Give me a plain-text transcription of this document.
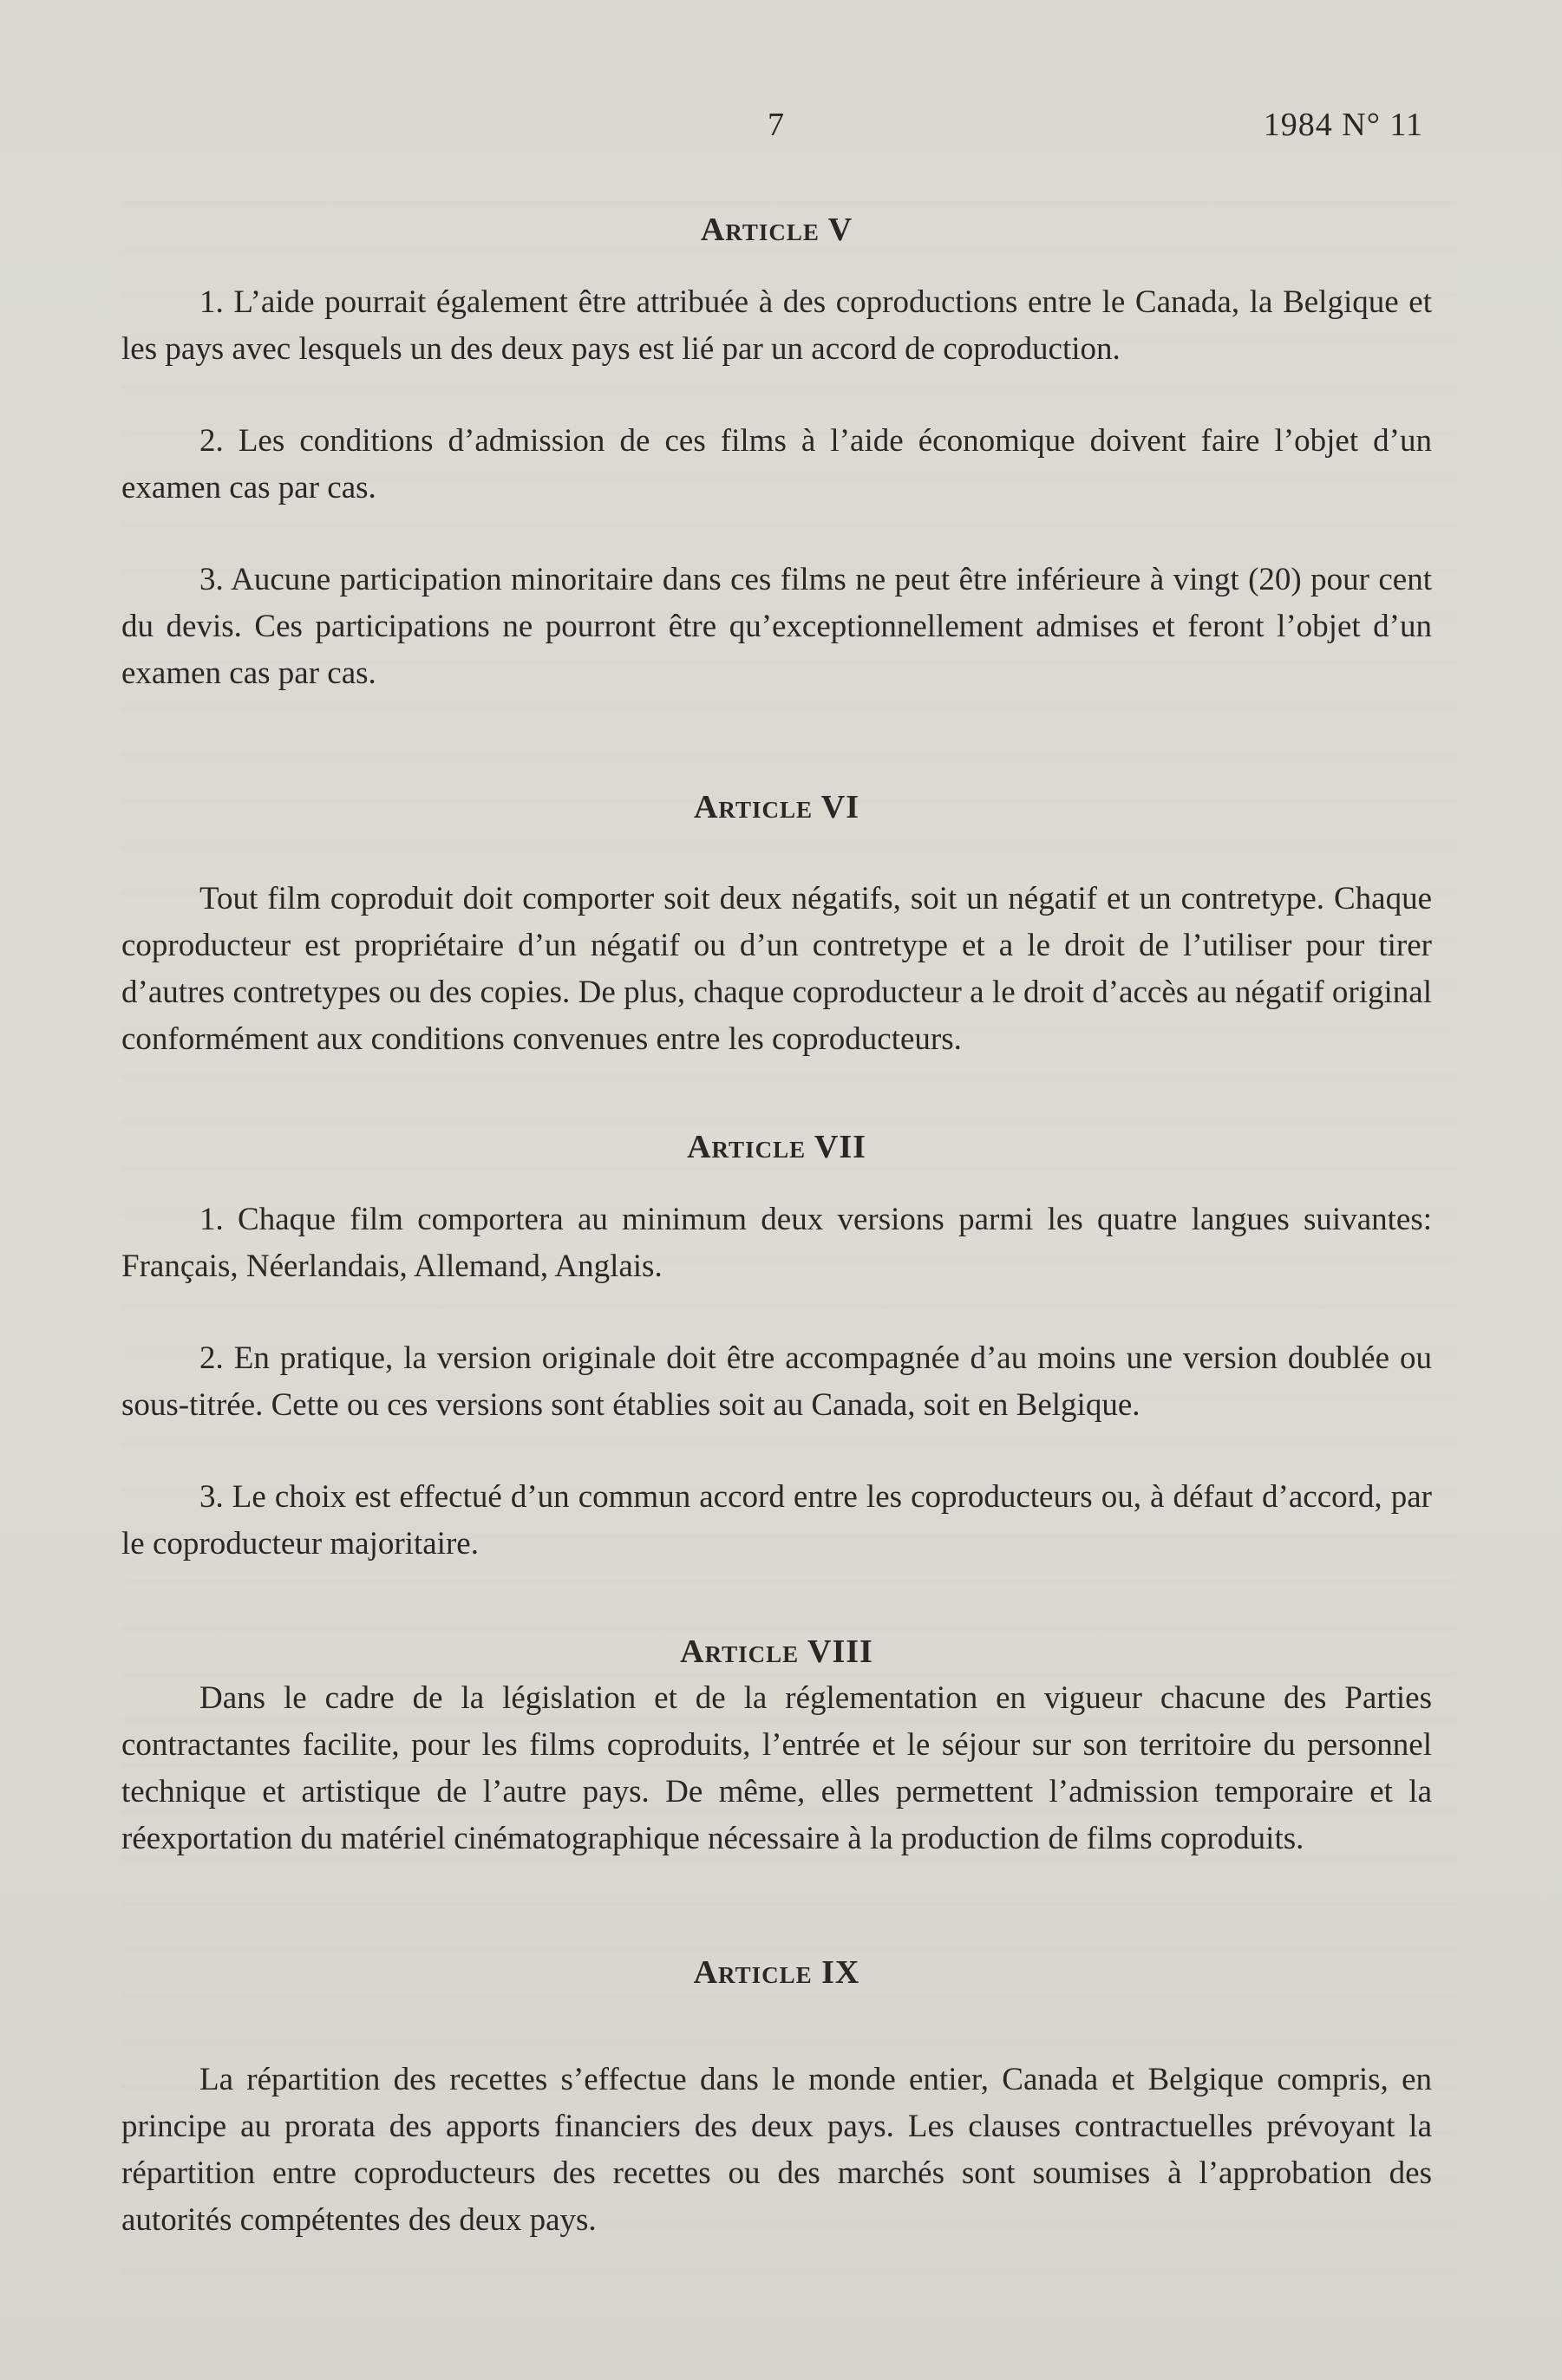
7	1984 N° 11
Article V

1. L’aide pourrait également être attribuée à des coproductions entre le Canada, la Belgique et les pays avec lesquels un des deux pays est lié par un accord de coproduction.

2. Les conditions d’admission de ces films à l’aide économique doivent faire l’objet d’un examen cas par cas.

3. Aucune participation minoritaire dans ces films ne peut être inférieure à vingt (20) pour cent du devis. Ces participations ne pourront être qu’exceptionnellement admises et feront l’objet d’un examen cas par cas.

Article VI

Tout film coproduit doit comporter soit deux négatifs, soit un négatif et un contretype. Chaque coproducteur est propriétaire d’un négatif ou d’un contretype et a le droit de l’utiliser pour tirer d’autres contretypes ou des copies. De plus, chaque coproducteur a le droit d’accès au négatif original conformément aux conditions convenues entre les coproducteurs.

Article VII

1. Chaque film comportera au minimum deux versions parmi les quatre langues suivantes: Français, Néerlandais, Allemand, Anglais.

2. En pratique, la version originale doit être accompagnée d’au moins une version doublée ou sous-titrée. Cette ou ces versions sont établies soit au Canada, soit en Belgique.

3. Le choix est effectué d’un commun accord entre les coproducteurs ou, à défaut d’accord, par le coproducteur majoritaire.

Article VIII

Dans le cadre de la législation et de la réglementation en vigueur chacune des Parties contractantes facilite, pour les films coproduits, l’entrée et le séjour sur son territoire du personnel technique et artistique de l’autre pays. De même, elles permettent l’admission temporaire et la réexportation du matériel cinématographique nécessaire à la production de films coproduits.

Article IX

La répartition des recettes s’effectue dans le monde entier, Canada et Belgique compris, en principe au prorata des apports financiers des deux pays. Les clauses contractuelles prévoyant la répartition entre coproducteurs des recettes ou des marchés sont soumises à l’approbation des autorités compétentes des deux pays.
